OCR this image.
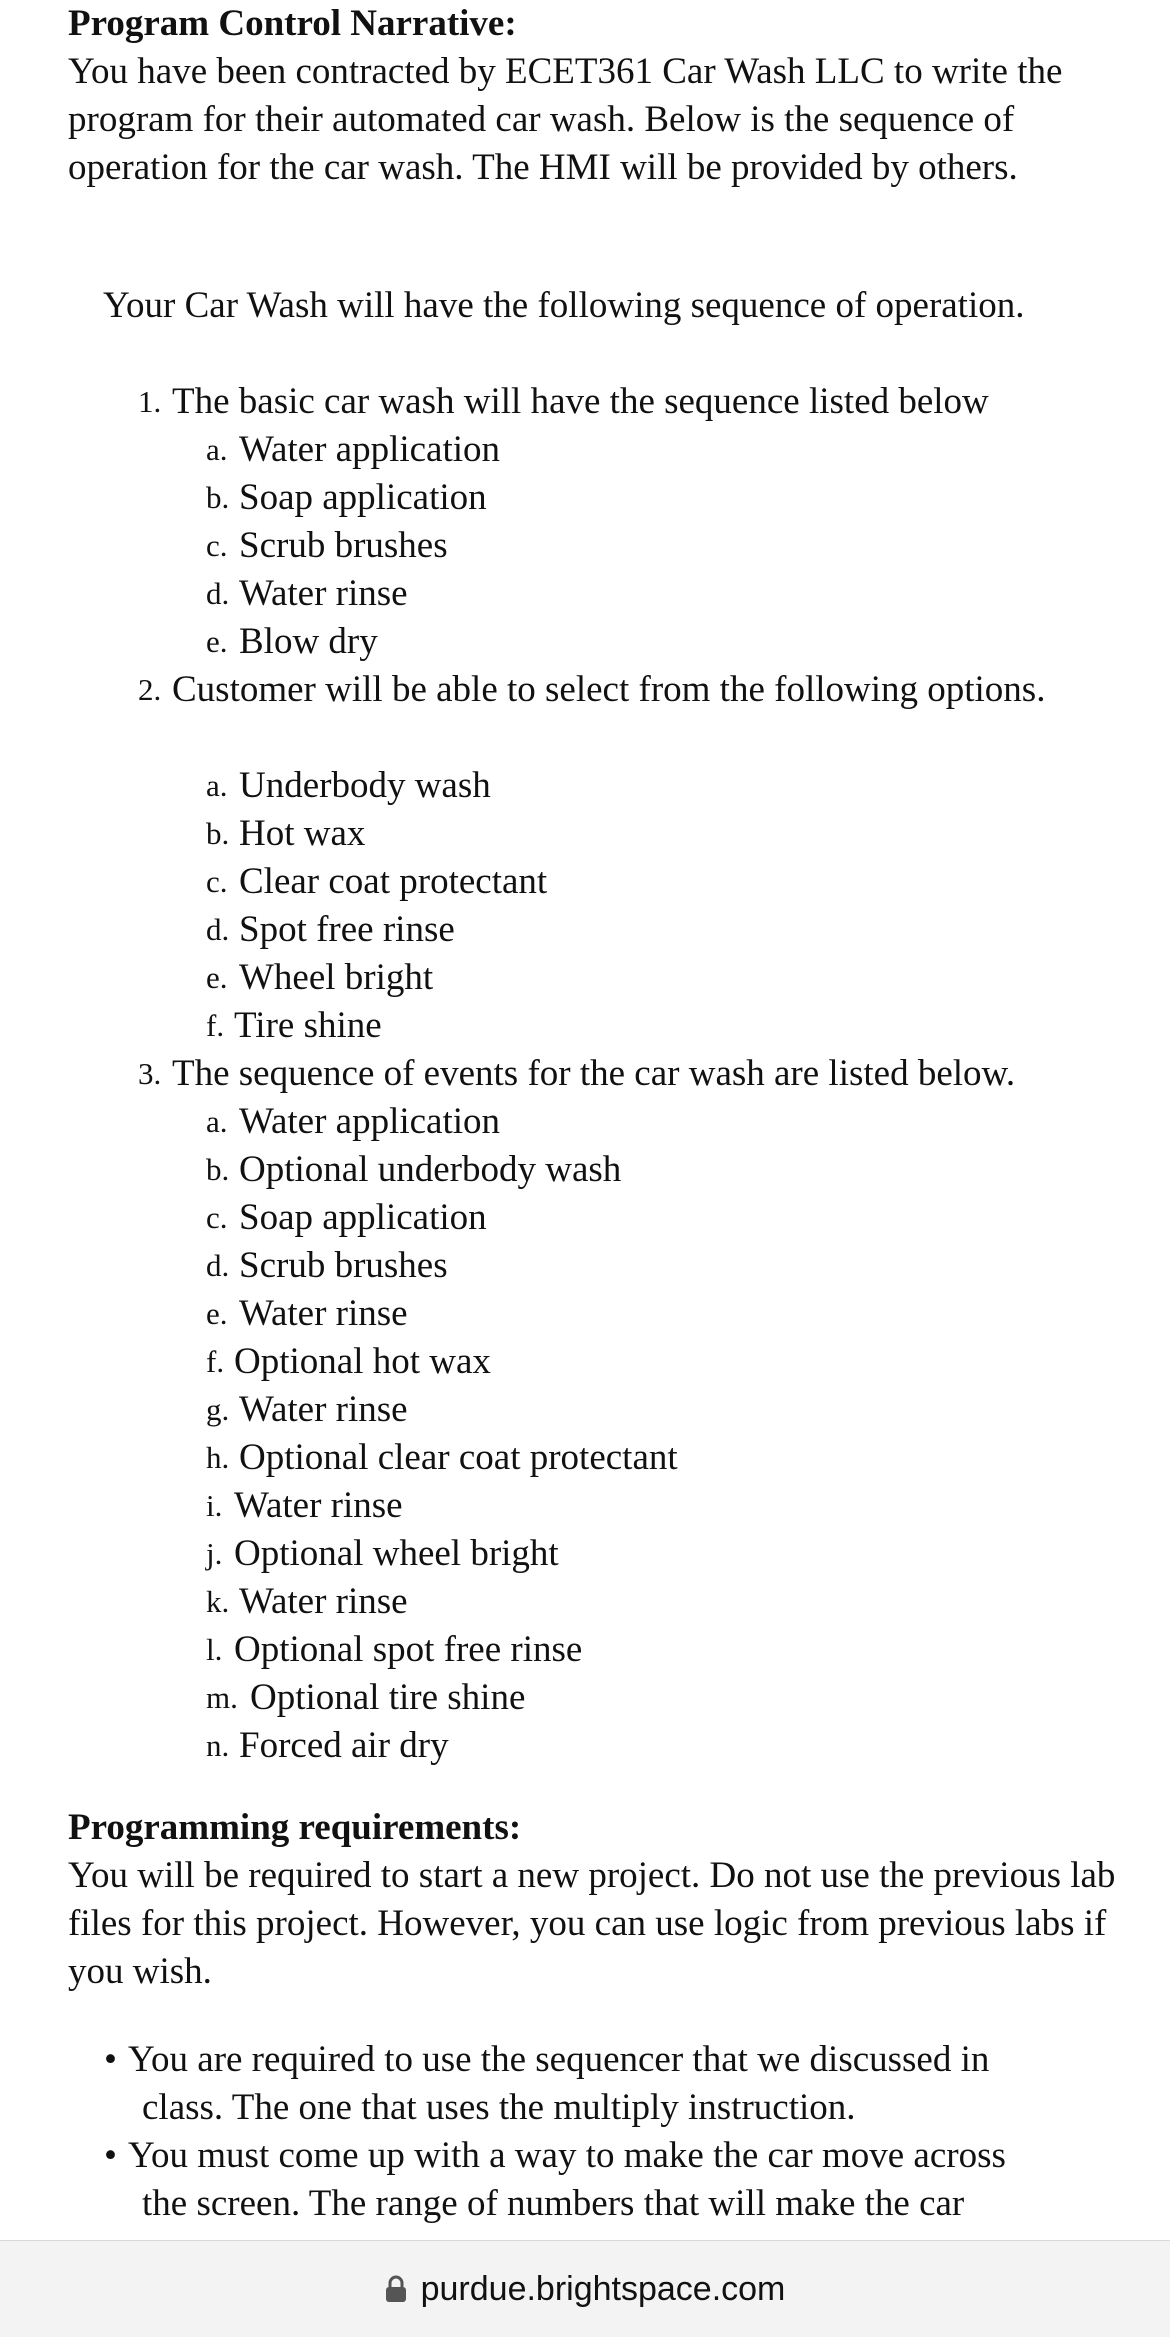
Program Control Narrative:

You have been contracted by ECET361 Car Wash LLC to write the program for their automated car wash. Below is the sequence of operation for the car wash. The HMI will be provided by others.

Your Car Wash will have the following sequence of operation.

1. The basic car wash will have the sequence listed below
a. Water application
b. Soap application
c. Scrub brushes
d. Water rinse
e. Blow dry
2. Customer will be able to select from the following options.
a. Underbody wash
b. Hot wax
c. Clear coat protectant
d. Spot free rinse
e. Wheel bright
f. Tire shine
3. The sequence of events for the car wash are listed below.
a. Water application
b. Optional underbody wash
c. Soap application
d. Scrub brushes
e. Water rinse
f. Optional hot wax
g. Water rinse
h. Optional clear coat protectant
i. Water rinse
j. Optional wheel bright
k. Water rinse
l. Optional spot free rinse
m. Optional tire shine
n. Forced air dry

Programming requirements:

You will be required to start a new project. Do not use the previous lab files for this project. However, you can use logic from previous labs if you wish.

• You are required to use the sequencer that we discussed in
class. The one that uses the multiply instruction.
• You must come up with a way to make the car move across
the screen. The range of numbers that will make the car
purdue.brightspace.com
